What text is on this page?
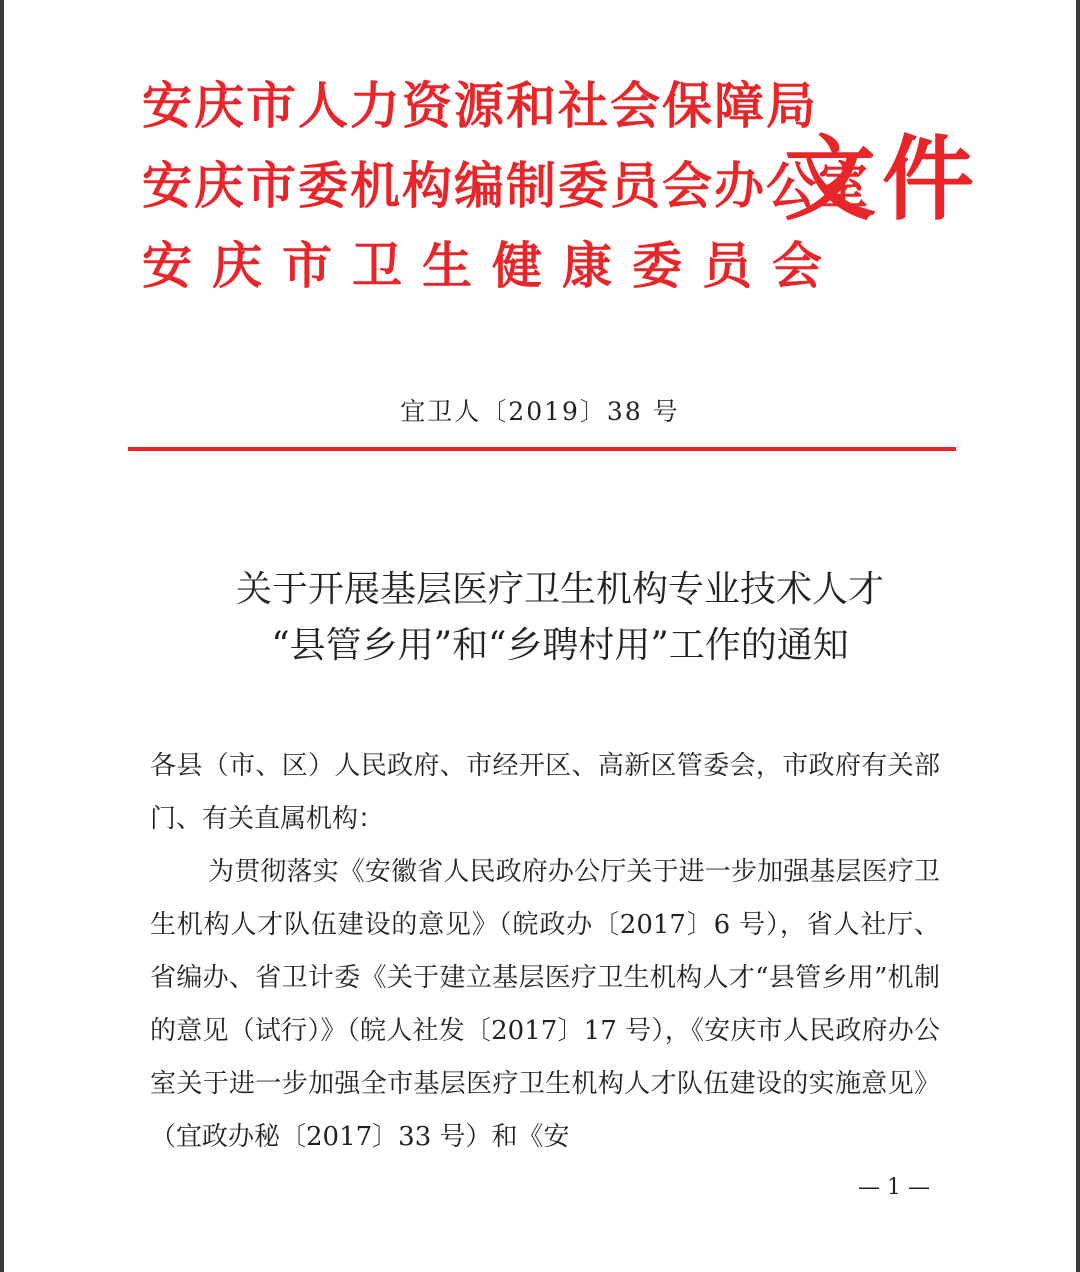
安庆市人力资源和社会保障局
安庆市委机构编制委员会办公室
安庆市卫生健康委员会
文件
宜卫人〔2019〕38 号
关于开展基层医疗卫生机构专业技术人才
“县管乡用”和“乡聘村用”工作的通知

各县（市、区）人民政府、市经开区、高新区管委会，市政府有关部门、有关直属机构：

为贯彻落实《安徽省人民政府办公厅关于进一步加强基层医疗卫生机构人才队伍建设的意见》（皖政办〔2017〕6 号），省人社厅、省编办、省卫计委《关于建立基层医疗卫生机构人才“县管乡用”机制的意见（试行）》（皖人社发〔2017〕17 号），《安庆市人民政府办公室关于进一步加强全市基层医疗卫生机构人才队伍建设的实施意见》（宜政办秘〔2017〕33 号）和《安

— 1 —
